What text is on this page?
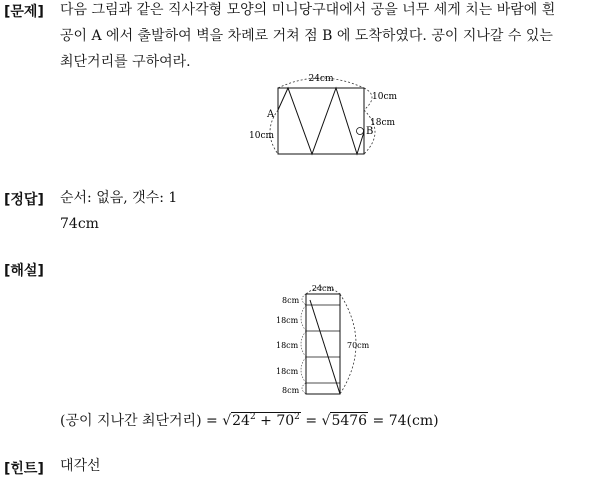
[문제] 다음 그림과 같은 직사각형 모양의 미니당구대에서 공을 너무 세게 치는 바람에 흰
공이 A 에서 출발하여 벽을 차례로 거쳐 점 B 에 도착하였다. 공이 지나갈 수 있는
최단거리를 구하여라.
24cm
A
10cm
10cm
18cm
B
[정답] 순서: 없음, 갯수: 1
74cm
[해설]
24cm
70cm
8cm
18cm
18cm
18cm
8cm
(공이 지나간 최단거리) = $√24^2 + 70^2 = √5476 = 74(cm)$
[힌트] 대각선
